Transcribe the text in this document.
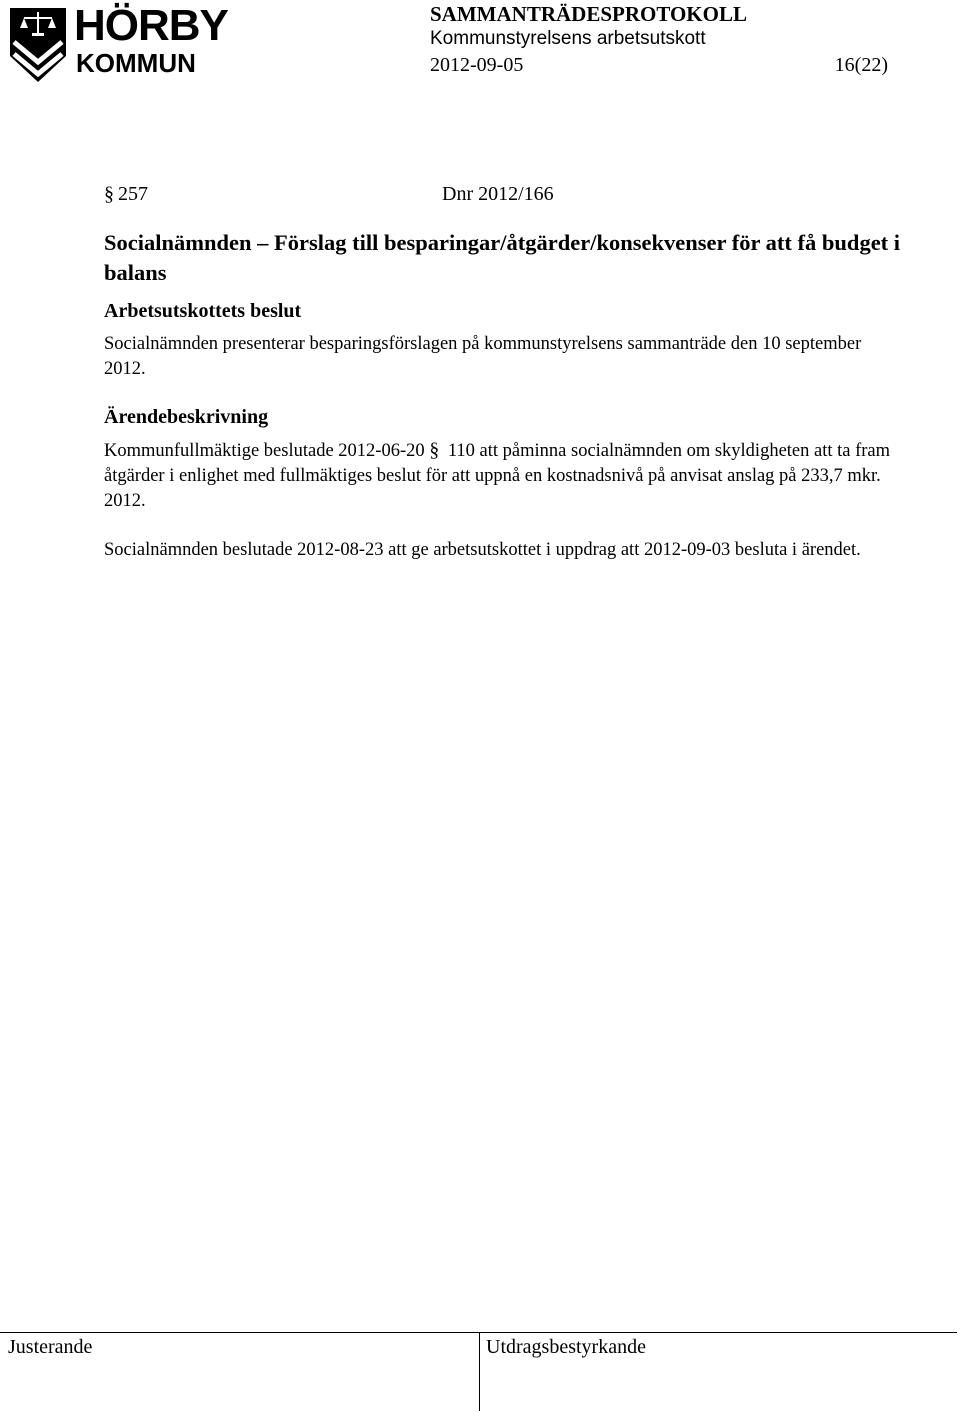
HÖRBY
KOMMUN
SAMMANTRÄDESPROTOKOLL
Kommunstyrelsens arbetsutskott
2012-09-05	16(22)
§ 257	Dnr 2012/166
Socialnämnden – Förslag till besparingar/åtgärder/konsekvenser för att få budget i balans
Arbetsutskottets beslut

Socialnämnden presenterar besparingsförslagen på kommunstyrelsens sammanträde den 10 september 2012.

Ärendebeskrivning

Kommunfullmäktige beslutade 2012-06-20 § 110 att påminna socialnämnden om skyldigheten att ta fram åtgärder i enlighet med fullmäktiges beslut för att uppnå en kostnadsnivå på anvisat anslag på 233,7 mkr. 2012.

Socialnämnden beslutade 2012-08-23 att ge arbetsutskottet i uppdrag att 2012-09-03 besluta i ärendet.

Justerande	Utdragsbestyrkande
